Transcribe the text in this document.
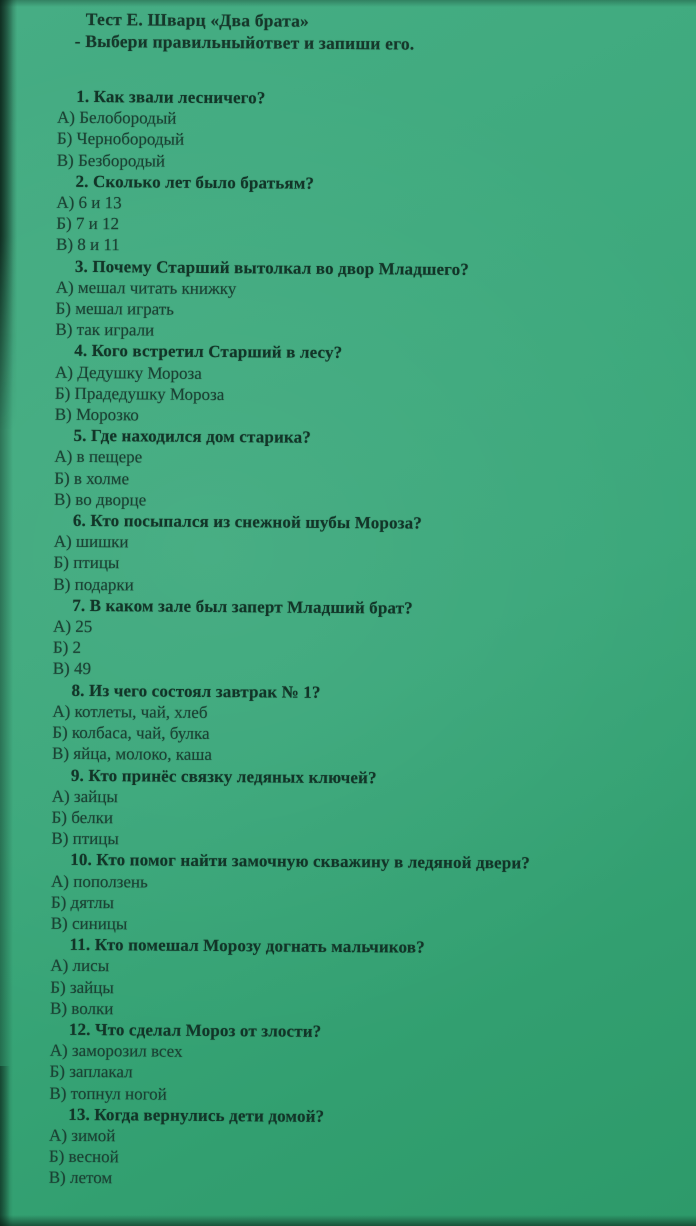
Тест Е. Шварц «Два брата»

- Выбери правильныйответ и запиши его.

1. Как звали лесничего?

А) Белобородый

Б) Чернобородый

В) Безбородый

2. Сколько лет было братьям?

А) 6 и 13

Б) 7 и 12

В) 8 и 11

3. Почему Старший вытолкал во двор Младшего?

А) мешал читать книжку

Б) мешал играть

В) так играли

4. Кого встретил Старший в лесу?

А) Дедушку Мороза

Б) Прадедушку Мороза

В) Морозко

5. Где находился дом старика?

А) в пещере

Б) в холме

В) во дворце

6. Кто посыпался из снежной шубы Мороза?

А) шишки

Б) птицы

В) подарки

7. В каком зале был заперт Младший брат?

А) 25

Б) 2

В) 49

8. Из чего состоял завтрак № 1?

А) котлеты, чай, хлеб

Б) колбаса, чай, булка

В) яйца, молоко, каша

9. Кто принёс связку ледяных ключей?

А) зайцы

Б) белки

В) птицы

10. Кто помог найти замочную скважину в ледяной двери?

А) поползень

Б) дятлы

В) синицы

11. Кто помешал Морозу догнать мальчиков?

А) лисы

Б) зайцы

В) волки

12. Что сделал Мороз от злости?

А) заморозил всех

Б) заплакал

В) топнул ногой

13. Когда вернулись дети домой?

А) зимой

Б) весной

В) летом
